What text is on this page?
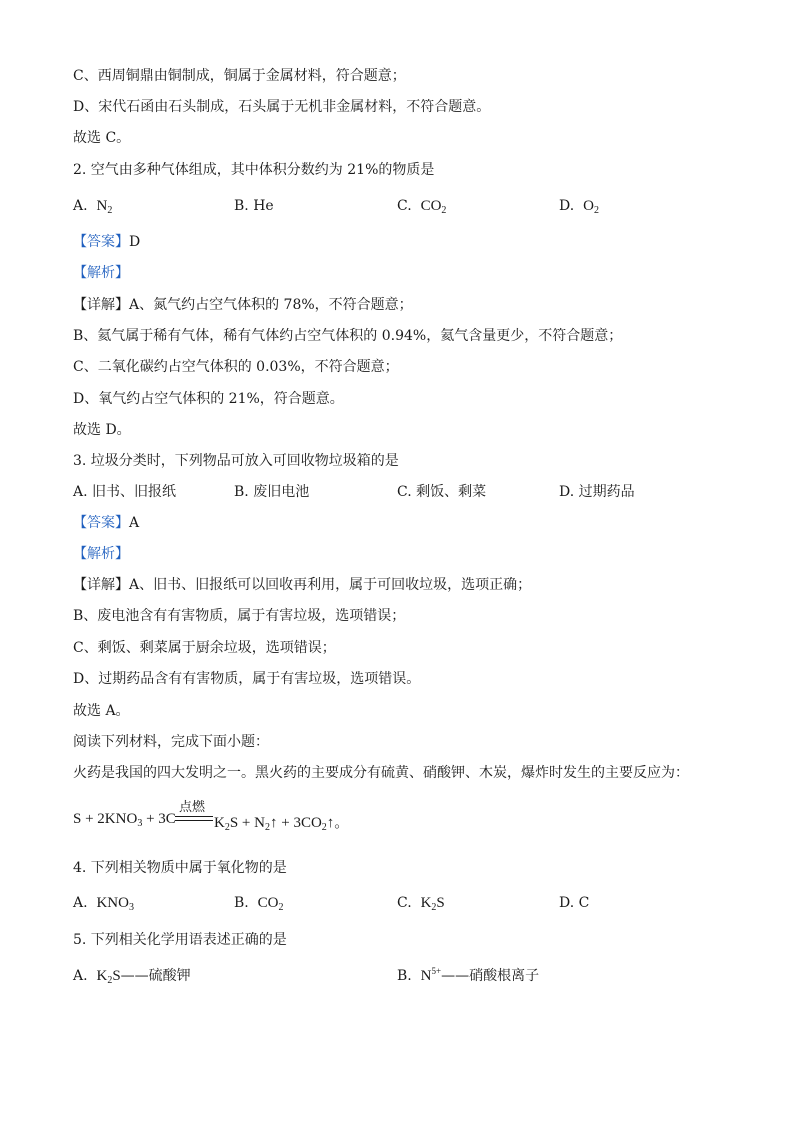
C、西周铜鼎由铜制成，铜属于金属材料，符合题意；
D、宋代石函由石头制成，石头属于无机非金属材料，不符合题意。
故选 C。
2. 空气由多种气体组成，其中体积分数约为 21%的物质是
A. $N_2$	B. He	C. $CO_2$	D. $O_2$
【答案】D
【解析】
【详解】A、氮气约占空气体积的 78%，不符合题意；
B、氦气属于稀有气体，稀有气体约占空气体积的 0.94%，氦气含量更少，不符合题意；
C、二氧化碳约占空气体积的 0.03%，不符合题意；
D、氧气约占空气体积的 21%，符合题意。
故选 D。
3. 垃圾分类时，下列物品可放入可回收物垃圾箱的是
A. 旧书、旧报纸	B. 废旧电池	C. 剩饭、剩菜	D. 过期药品
【答案】A
【解析】
【详解】A、旧书、旧报纸可以回收再利用，属于可回收垃圾，选项正确；
B、废电池含有有害物质，属于有害垃圾，选项错误；
C、剩饭、剩菜属于厨余垃圾，选项错误；
D、过期药品含有有害物质，属于有害垃圾，选项错误。
故选 A。
阅读下列材料，完成下面小题：
火药是我国的四大发明之一。黑火药的主要成分有硫黄、硝酸钾、木炭，爆炸时发生的主要反应为：
$S + 2KNO_3 + 3C$
点燃
$K_2S$ + $N_2↑$ + $3CO_2↑$。
4. 下列相关物质中属于氧化物的是
A. $KNO_3$	B. $CO_2$	C. $K_2S$	D. C
5. 下列相关化学用语表述正确的是
A. $K_2S——$硫酸钾	B. $N^{5+}——$硝酸根离子
